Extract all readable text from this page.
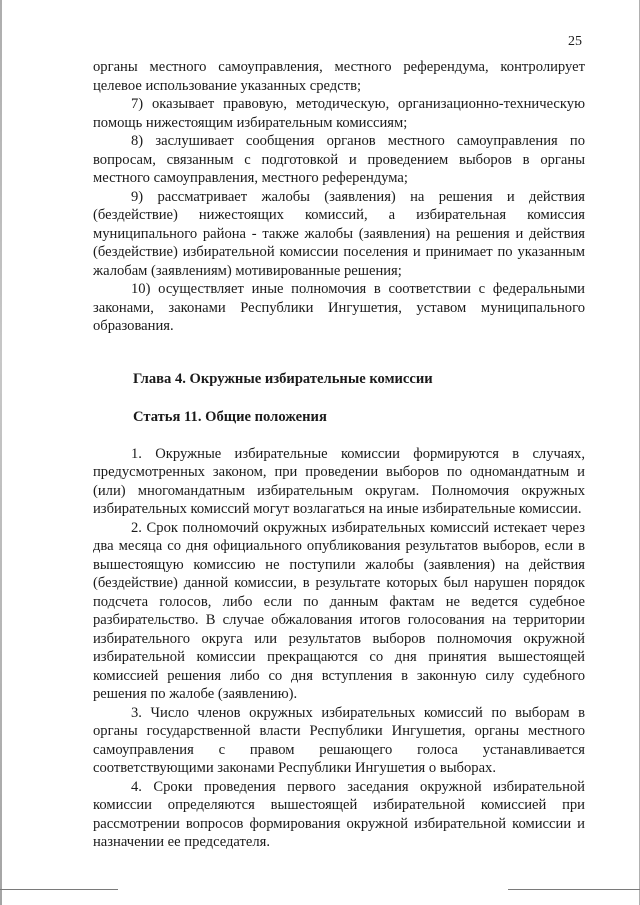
25

органы местного самоуправления, местного референдума, контролирует целевое использование указанных средств;

7) оказывает правовую, методическую, организационно-техническую помощь нижестоящим избирательным комиссиям;

8) заслушивает сообщения органов местного самоуправления по вопросам, связанным с подготовкой и проведением выборов в органы местного самоуправления, местного референдума;

9) рассматривает жалобы (заявления) на решения и действия (бездействие) нижестоящих комиссий, а избирательная комиссия муниципального района - также жалобы (заявления) на решения и действия (бездействие) избирательной комиссии поселения и принимает по указанным жалобам (заявлениям) мотивированные решения;

10) осуществляет иные полномочия в соответствии с федеральными законами, законами Республики Ингушетия, уставом муниципального образования.

Глава 4. Окружные избирательные комиссии
Статья 11. Общие положения

1. Окружные избирательные комиссии формируются в случаях, предусмотренных законом, при проведении выборов по одномандатным и (или) многомандатным избирательным округам. Полномочия окружных избирательных комиссий могут возлагаться на иные избирательные комиссии.

2. Срок полномочий окружных избирательных комиссий истекает через два месяца со дня официального опубликования результатов выборов, если в вышестоящую комиссию не поступили жалобы (заявления) на действия (бездействие) данной комиссии, в результате которых был нарушен порядок подсчета голосов, либо если по данным фактам не ведется судебное разбирательство. В случае обжалования итогов голосования на территории избирательного округа или результатов выборов полномочия окружной избирательной комиссии прекращаются со дня принятия вышестоящей комиссией решения либо со дня вступления в законную силу судебного решения по жалобе (заявлению).

3. Число членов окружных избирательных комиссий по выборам в органы государственной власти Республики Ингушетия, органы местного самоуправления с правом решающего голоса устанавливается соответствующими законами Республики Ингушетия о выборах.

4. Сроки проведения первого заседания окружной избирательной комиссии определяются вышестоящей избирательной комиссией при рассмотрении вопросов формирования окружной избирательной комиссии и назначении ее председателя.
